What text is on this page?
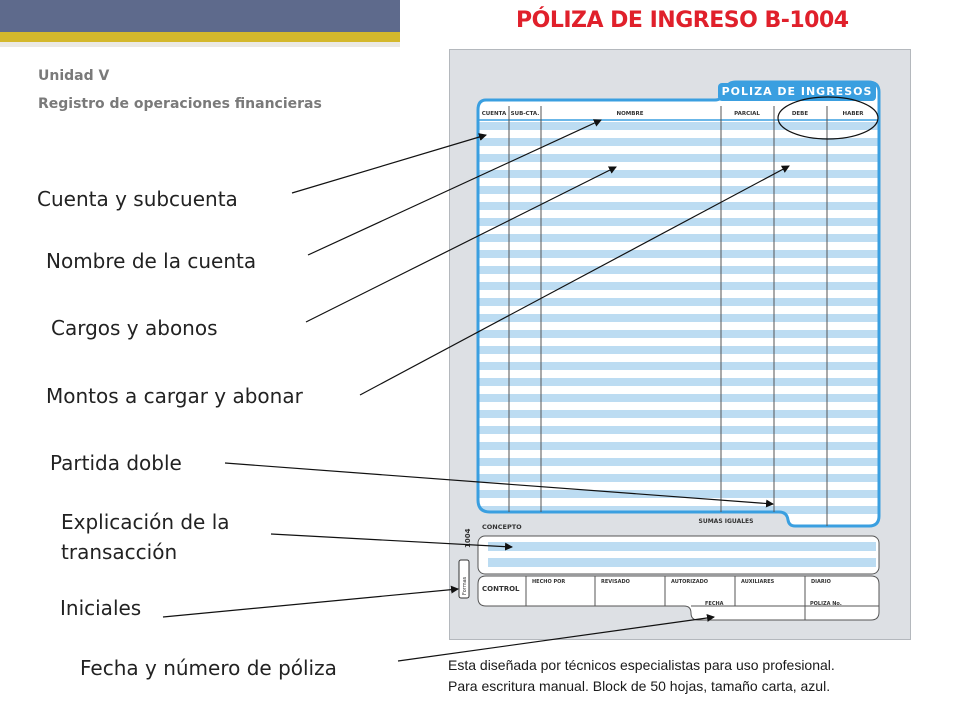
Unidad V
Registro de operaciones financieras
PÓLIZA DE INGRESO B-1004
CUENTA SUB-CTA.	NOMBRE	PARCIAL	DEBE	HABER
SUMAS IGUALES
CONCEPTO
1004
Formas CONTROL
HECHO POR	REVISADO	AUTORIZADO	AUXILIARES	DIARIO
FECHA	POLIZA No.
POLIZA DE INGRESOS
Cuenta y subcuenta
Nombre de la cuenta
Cargos y abonos
Montos a cargar y abonar
Partida doble
Explicación de la transacción
Iniciales
Fecha y número de póliza	Esta diseñada por técnicos especialistas para uso profesional.
Para escritura manual. Block de 50 hojas, tamaño carta, azul.
